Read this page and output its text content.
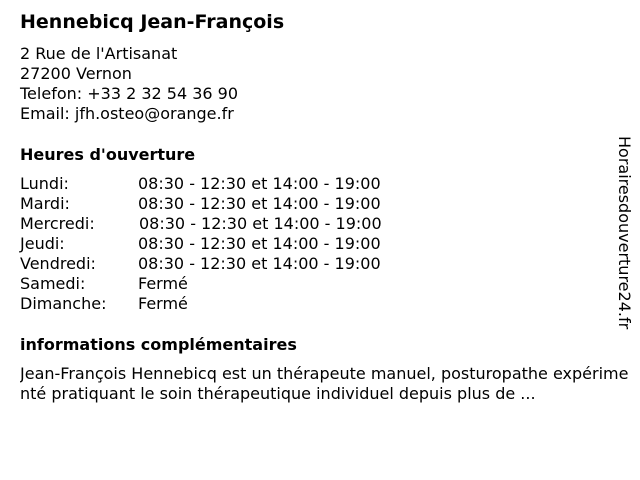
Hennebicq Jean-François
2 Rue de l'Artisanat
27200 Vernon
Telefon: +33 2 32 54 36 90
Email: jfh.osteo@orange.fr
Heures d'ouverture
Lundi:	08:30 - 12:30 et 14:00 - 19:00
Mardi:	08:30 - 12:30 et 14:00 - 19:00
Mercredi:	08:30 - 12:30 et 14:00 - 19:00
Jeudi:	08:30 - 12:30 et 14:00 - 19:00
Vendredi:	08:30 - 12:30 et 14:00 - 19:00
Samedi:	Fermé
Dimanche: Fermé
informations complémentaires
Jean-François Hennebicq est un thérapeute manuel, posturopathe expérimenté pratiquant le soin thérapeutique individuel depuis plus de ...
Horairesdouverture24.fr
